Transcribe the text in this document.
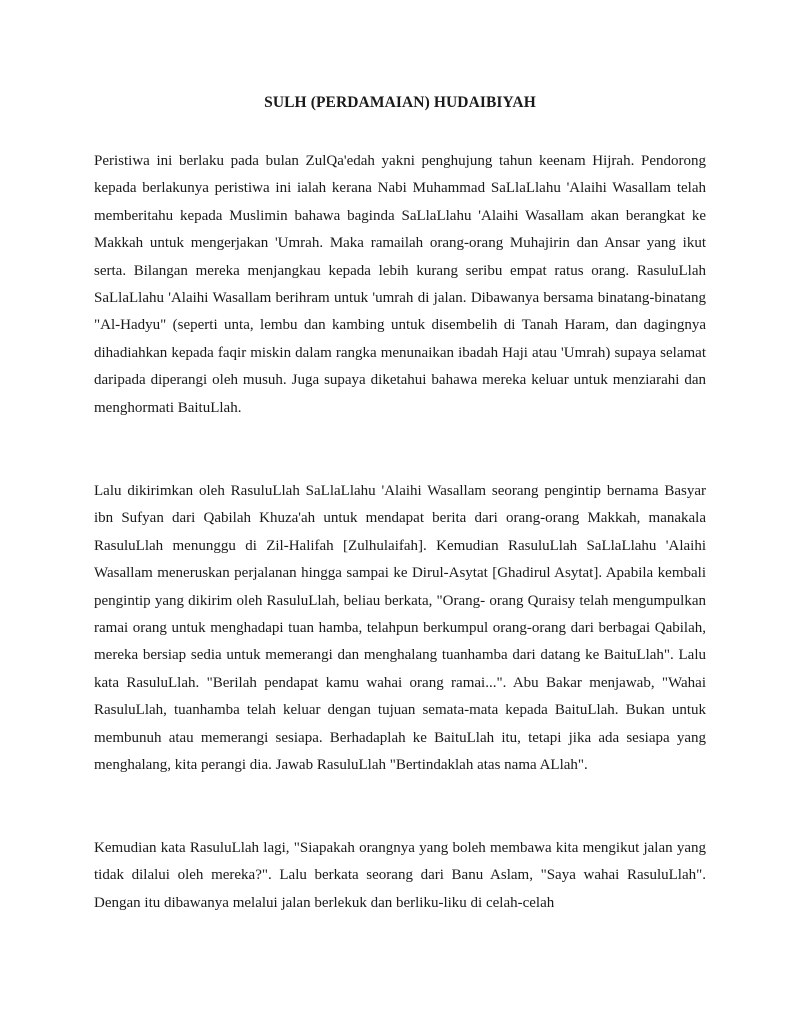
SULH (PERDAMAIAN) HUDAIBIYAH

Peristiwa ini berlaku pada bulan ZulQa'edah yakni penghujung tahun keenam Hijrah. Pendorong kepada berlakunya peristiwa ini ialah kerana Nabi Muhammad SaLlaLlahu 'Alaihi Wasallam telah memberitahu kepada Muslimin bahawa baginda SaLlaLlahu 'Alaihi Wasallam akan berangkat ke Makkah untuk mengerjakan 'Umrah. Maka ramailah orang-orang Muhajirin dan Ansar yang ikut serta. Bilangan mereka menjangkau kepada lebih kurang seribu empat ratus orang. RasuluLlah SaLlaLlahu 'Alaihi Wasallam berihram untuk 'umrah di jalan. Dibawanya bersama binatang-binatang "Al-Hadyu" (seperti unta, lembu dan kambing untuk disembelih di Tanah Haram, dan dagingnya dihadiahkan kepada faqir miskin dalam rangka menunaikan ibadah Haji atau 'Umrah) supaya selamat daripada diperangi oleh musuh. Juga supaya diketahui bahawa mereka keluar untuk menziarahi dan menghormati BaituLlah.

Lalu dikirimkan oleh RasuluLlah SaLlaLlahu 'Alaihi Wasallam seorang pengintip bernama Basyar ibn Sufyan dari Qabilah Khuza'ah untuk mendapat berita dari orang-orang Makkah, manakala RasuluLlah menunggu di Zil-Halifah [Zulhulaifah]. Kemudian RasuluLlah SaLlaLlahu 'Alaihi Wasallam meneruskan perjalanan hingga sampai ke Dirul-Asytat [Ghadirul Asytat]. Apabila kembali pengintip yang dikirim oleh RasuluLlah, beliau berkata, "Orang- orang Quraisy telah mengumpulkan ramai orang untuk menghadapi tuan hamba, telahpun berkumpul orang-orang dari berbagai Qabilah, mereka bersiap sedia untuk memerangi dan menghalang tuanhamba dari datang ke BaituLlah". Lalu kata RasuluLlah. "Berilah pendapat kamu wahai orang ramai...". Abu Bakar menjawab, "Wahai RasuluLlah, tuanhamba telah keluar dengan tujuan semata-mata kepada BaituLlah. Bukan untuk membunuh atau memerangi sesiapa. Berhadaplah ke BaituLlah itu, tetapi jika ada sesiapa yang menghalang, kita perangi dia. Jawab RasuluLlah "Bertindaklah atas nama ALlah".

Kemudian kata RasuluLlah lagi, "Siapakah orangnya yang boleh membawa kita mengikut jalan yang tidak dilalui oleh mereka?". Lalu berkata seorang dari Banu Aslam, "Saya wahai RasuluLlah". Dengan itu dibawanya melalui jalan berlekuk dan berliku-liku di celah-celah
